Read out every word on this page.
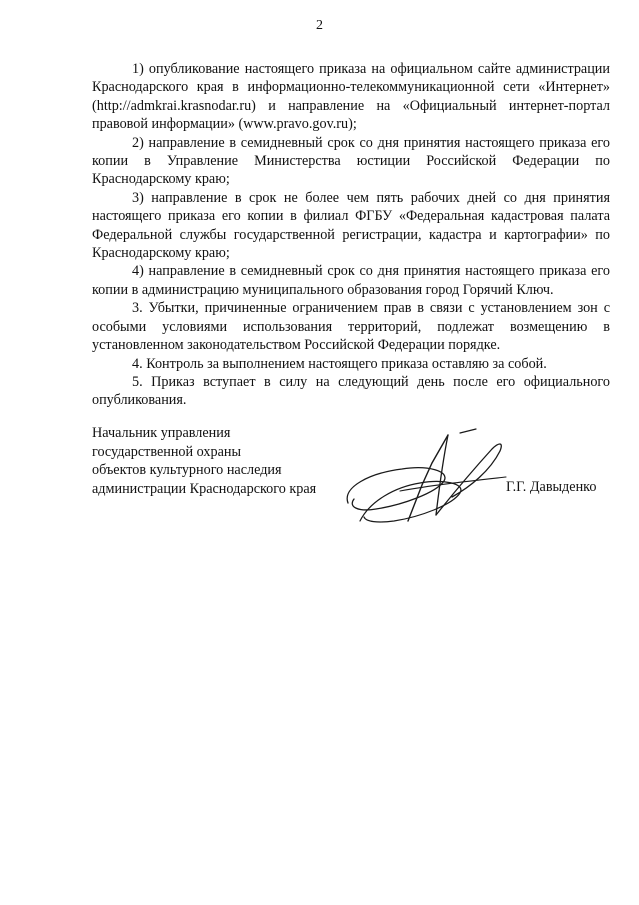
2

1) опубликование настоящего приказа на официальном сайте администрации Краснодарского края в информационно-телекоммуникационной сети «Интернет» (http://admkrai.krasnodar.ru) и направление на «Официальный интернет-портал правовой информации» (www.pravo.gov.ru);

2) направление в семидневный срок со дня принятия настоящего приказа его копии в Управление Министерства юстиции Российской Федерации по Краснодарскому краю;

3) направление в срок не более чем пять рабочих дней со дня принятия настоящего приказа его копии в филиал ФГБУ «Федеральная кадастровая палата Федеральной службы государственной регистрации, кадастра и картографии» по Краснодарскому краю;

4) направление в семидневный срок со дня принятия настоящего приказа его копии в администрацию муниципального образования город Горячий Ключ.

3. Убытки, причиненные ограничением прав в связи с установлением зон с особыми условиями использования территорий, подлежат возмещению в установленном законодательством Российской Федерации порядке.

4. Контроль за выполнением настоящего приказа оставляю за собой.

5. Приказ вступает в силу на следующий день после его официального опубликования.

Начальник управления
государственной охраны
объектов культурного наследия
администрации Краснодарского края	Г.Г. Давыденко
